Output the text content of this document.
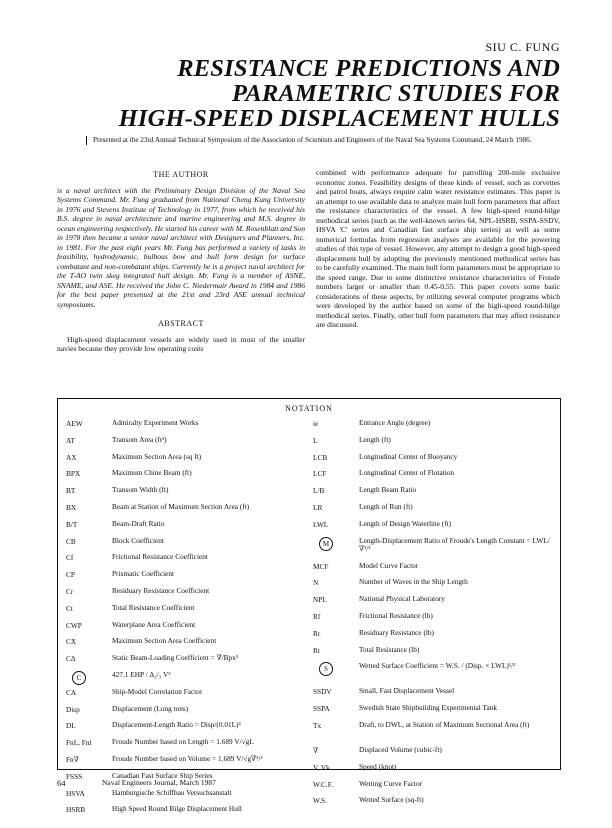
SIU C. FUNG
RESISTANCE PREDICTIONS AND
PARAMETRIC STUDIES FOR
HIGH-SPEED DISPLACEMENT HULLS
Presented at the 23rd Annual Technical Symposium of the Association of Scientists and Engineers of the Naval Sea Systems Command, 24 March 1986.
THE AUTHOR

is a naval architect with the Preliminary Design Division of the Naval Sea Systems Command. Mr. Fung graduated from National Cheng Kung University in 1976 and Stevens Institute of Technology in 1977, from which he received his B.S. degree in naval architecture and marine engineering and M.S. degree in ocean engineering respectively. He started his career with M. Rosenblatt and Son in 1978 then became a senior naval architect with Designers and Planners, Inc. in 1981. For the past eight years Mr. Fung has performed a variety of tasks in feasibility, hydrodynamic, bulbous bow and hull form design for surface combatant and non-combatant ships. Currently he is a project naval architect for the T-AO twin skeg integrated hull design. Mr. Fung is a member of ASNE, SNAME, and ASE. He received the John C. Niedermair Award in 1984 and 1986 for the best paper presented at the 21st and 23rd ASE annual technical symposiums.

ABSTRACT

High-speed displacement vessels are widely used in most of the smaller navies because they provide low operating costs

combined with performance adequate for patrolling 200-mile exclusive economic zones. Feasibility designs of these kinds of vessel, such as corvettes and patrol boats, always require calm water resistance estimates. This paper is an attempt to use available data to analyze main hull form parameters that affect the resistance characteristics of the vessel. A few high-speed round-bilge methodical series (such as the well-known series 64, NPL-HSRB, SSPA-SSDV, HSVA 'C' series and Canadian fast surface ship series) as well as some numerical formulas from regression analyses are available for the powering studies of this type of vessel. However, any attempt to design a good high-speed displacement hull by adopting the previously mentioned methodical series has to be carefully examined. The main hull form parameters must be appropriate to the speed range. Due to some distinctive resistance characteristics of Froude numbers larger or smaller than 0.45-0.55. This paper covers some basic considerations of these aspects, by utilizing several computer programs which were developed by the author based on some of the high-speed round-bilge methodical series. Finally, other hull form parameters that may affect resistance are discussed.

NOTATION
AEW	Admiralty Experiment Works
AT	Transom Area (ft²)
AX	Maximum Section Area (sq ft)
BPX	Maximum Chine Beam (ft)
BT	Transom Width (ft)
BX	Beam at Station of Maximum Section Area (ft)
B/T	Beam-Draft Ratio
CB	Block Coefficient
Cf	Frictional Resistance Coefficient
CP	Prismatic Coefficient
Cr	Residuary Resistance Coefficient
Ct	Total Resistance Coefficient
CWP	Waterplane Area Coefficient
CX	Maximum Section Area Coefficient
CΔ	Static Beam-Loading Coefficient = ∇/Bpx³
C	427.1 EHP / Δ₂/₃ V³
CA	Ship-Model Correlation Factor
Disp	Displacement (Long tons)
DL	Displacement-Length Ratio = Disp/(0.01L)³
FnL, Fnl	Froude Number based on Length = 1.689 V/√gL
Fn∇	Froude Number based on Volume = 1.689 V/√g∇¹/³
FSSS	Canadian Fast Surface Ship Series
HSVA	Hamburgische Schiffbau Versuchsanstalt
HSRB	High Speed Round Bilge Displacement Hull
ie	Entrance Angle (degree)
L	Length (ft)
LCB	Longitudinal Center of Buoyancy
LCF	Longitudinal Center of Flotation
L/B	Length Beam Ratio
LR	Length of Run (ft)
LWL	Length of Design Waterline (ft)
M	Length-Displacement Ratio of Froude's Length Constant = LWL/∇¹/³
MCF	Model Curve Factor
N	Number of Waves in the Ship Length
NPL	National Physical Laboratory
Rf	Frictional Resistance (lb)
Rr	Residuary Resistance (lb)
Rt	Total Resistance (lb)
S	Wetted Surface Coefficient = W.S. / (Disp. × LWL)¹/²
SSDV	Small, Fast Displacement Vessel
SSPA	Swedish State Shipbuilding Experimental Tank
Tx	Draft, to DWL, at Station of Maximum Sectional Area (ft)
∇	Displaced Volume (cubic-ft)
V, Vk	Speed (knot)
W.C.F.	Wetting Curve Factor
W.S.	Wetted Surface (sq-ft)
64	Naval Engineers Journal, March 1987
